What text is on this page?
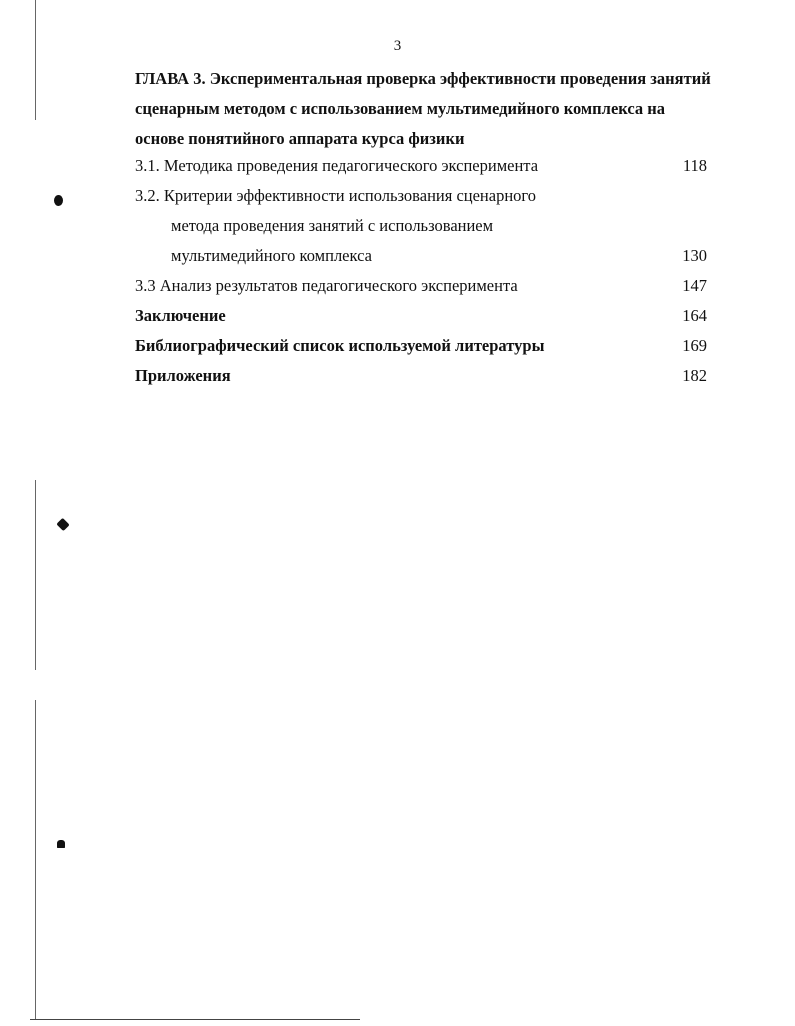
3
ГЛАВА 3. Экспериментальная проверка эффективности проведения занятий сценарным методом с использованием мультимедийного комплекса на основе понятийного аппарата курса физики
3.1. Методика проведения педагогического эксперимента	118
3.2. Критерии эффективности использования сценарного
метода проведения занятий с использованием
мультимедийного комплекса	130
3.3 Анализ результатов педагогического эксперимента	147
Заключение	164
Библиографический список используемой литературы	169
Приложения	182
